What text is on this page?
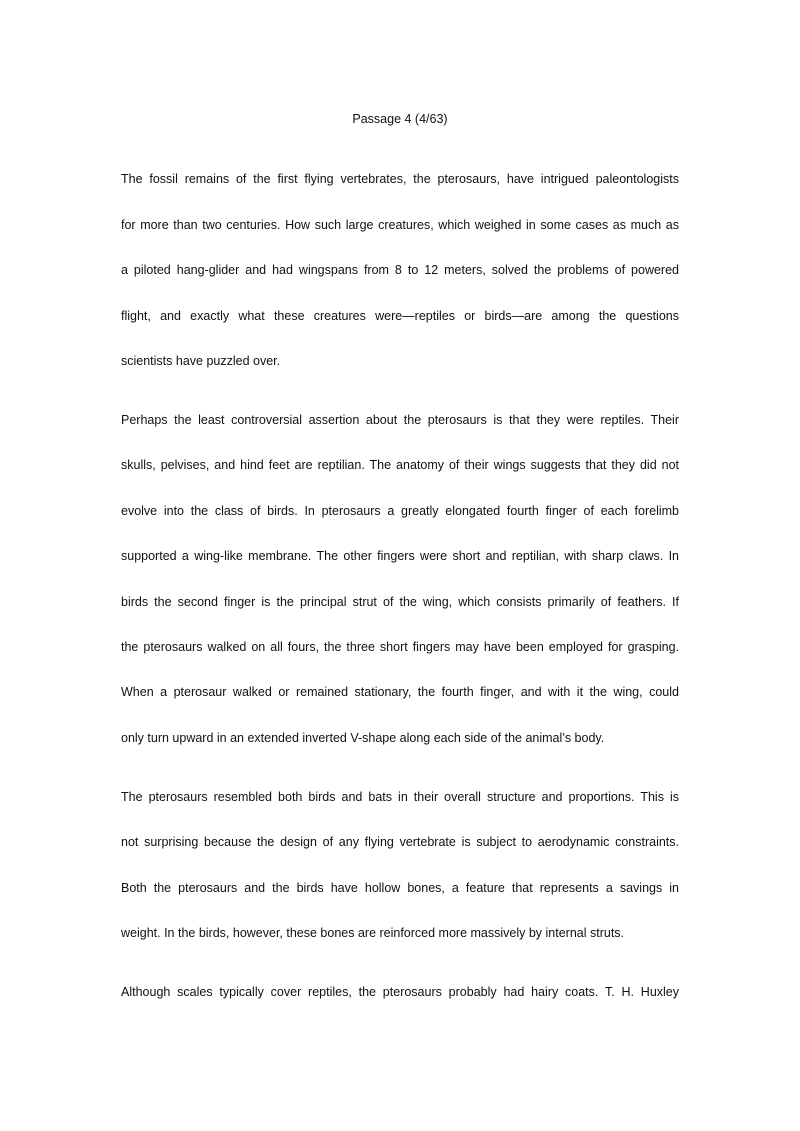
Passage 4 (4/63)
The fossil remains of the first flying vertebrates, the pterosaurs, have intrigued paleontologists
for more than two centuries. How such large creatures, which weighed in some cases as much as
a piloted hang-glider and had wingspans from 8 to 12 meters, solved the problems of powered
flight, and exactly what these creatures were—reptiles or birds—are among the questions
scientists have puzzled over.
Perhaps the least controversial assertion about the pterosaurs is that they were reptiles. Their
skulls, pelvises, and hind feet are reptilian. The anatomy of their wings suggests that they did not
evolve into the class of birds. In pterosaurs a greatly elongated fourth finger of each forelimb
supported a wing-like membrane. The other fingers were short and reptilian, with sharp claws. In
birds the second finger is the principal strut of the wing, which consists primarily of feathers. If
the pterosaurs walked on all fours, the three short fingers may have been employed for grasping.
When a pterosaur walked or remained stationary, the fourth finger, and with it the wing, could
only turn upward in an extended inverted V-shape along each side of the animal’s body.
The pterosaurs resembled both birds and bats in their overall structure and proportions. This is
not surprising because the design of any flying vertebrate is subject to aerodynamic constraints.
Both the pterosaurs and the birds have hollow bones, a feature that represents a savings in
weight. In the birds, however, these bones are reinforced more massively by internal struts.
Although scales typically cover reptiles, the pterosaurs probably had hairy coats. T. H. Huxley
